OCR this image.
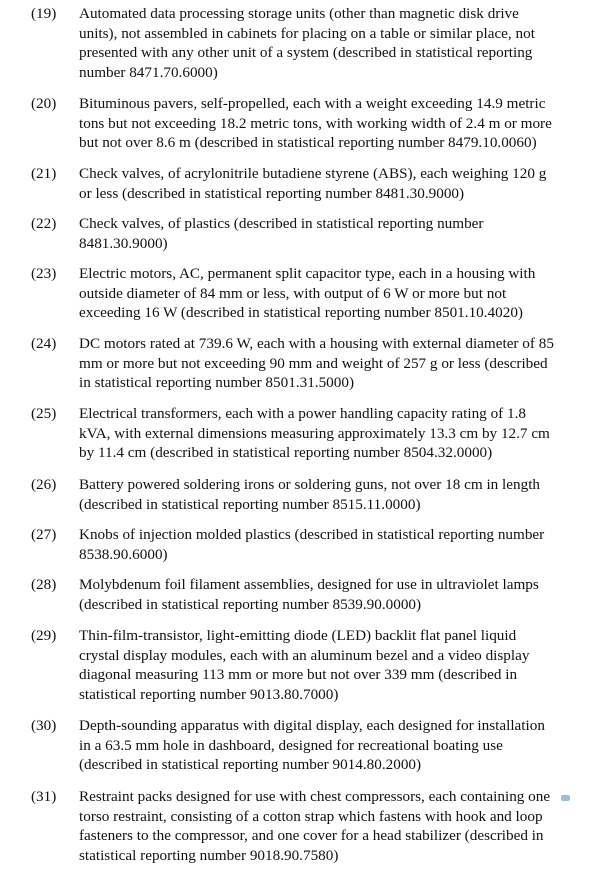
(19) Automated data processing storage units (other than magnetic disk drive
units), not assembled in cabinets for placing on a table or similar place, not
presented with any other unit of a system (described in statistical reporting
number 8471.70.6000)
(20) Bituminous pavers, self-propelled, each with a weight exceeding 14.9 metric
tons but not exceeding 18.2 metric tons, with working width of 2.4 m or more
but not over 8.6 m (described in statistical reporting number 8479.10.0060)
(21) Check valves, of acrylonitrile butadiene styrene (ABS), each weighing 120 g
or less (described in statistical reporting number 8481.30.9000)
(22) Check valves, of plastics (described in statistical reporting number
8481.30.9000)
(23) Electric motors, AC, permanent split capacitor type, each in a housing with
outside diameter of 84 mm or less, with output of 6 W or more but not
exceeding 16 W (described in statistical reporting number 8501.10.4020)
(24) DC motors rated at 739.6 W, each with a housing with external diameter of 85
mm or more but not exceeding 90 mm and weight of 257 g or less (described
in statistical reporting number 8501.31.5000)
(25) Electrical transformers, each with a power handling capacity rating of 1.8
kVA, with external dimensions measuring approximately 13.3 cm by 12.7 cm
by 11.4 cm (described in statistical reporting number 8504.32.0000)
(26) Battery powered soldering irons or soldering guns, not over 18 cm in length
(described in statistical reporting number 8515.11.0000)
(27) Knobs of injection molded plastics (described in statistical reporting number
8538.90.6000)
(28) Molybdenum foil filament assemblies, designed for use in ultraviolet lamps
(described in statistical reporting number 8539.90.0000)
(29) Thin-film-transistor, light-emitting diode (LED) backlit flat panel liquid
crystal display modules, each with an aluminum bezel and a video display
diagonal measuring 113 mm or more but not over 339 mm (described in
statistical reporting number 9013.80.7000)
(30) Depth-sounding apparatus with digital display, each designed for installation
in a 63.5 mm hole in dashboard, designed for recreational boating use
(described in statistical reporting number 9014.80.2000)
(31) Restraint packs designed for use with chest compressors, each containing one
torso restraint, consisting of a cotton strap which fastens with hook and loop
fasteners to the compressor, and one cover for a head stabilizer (described in
statistical reporting number 9018.90.7580)
